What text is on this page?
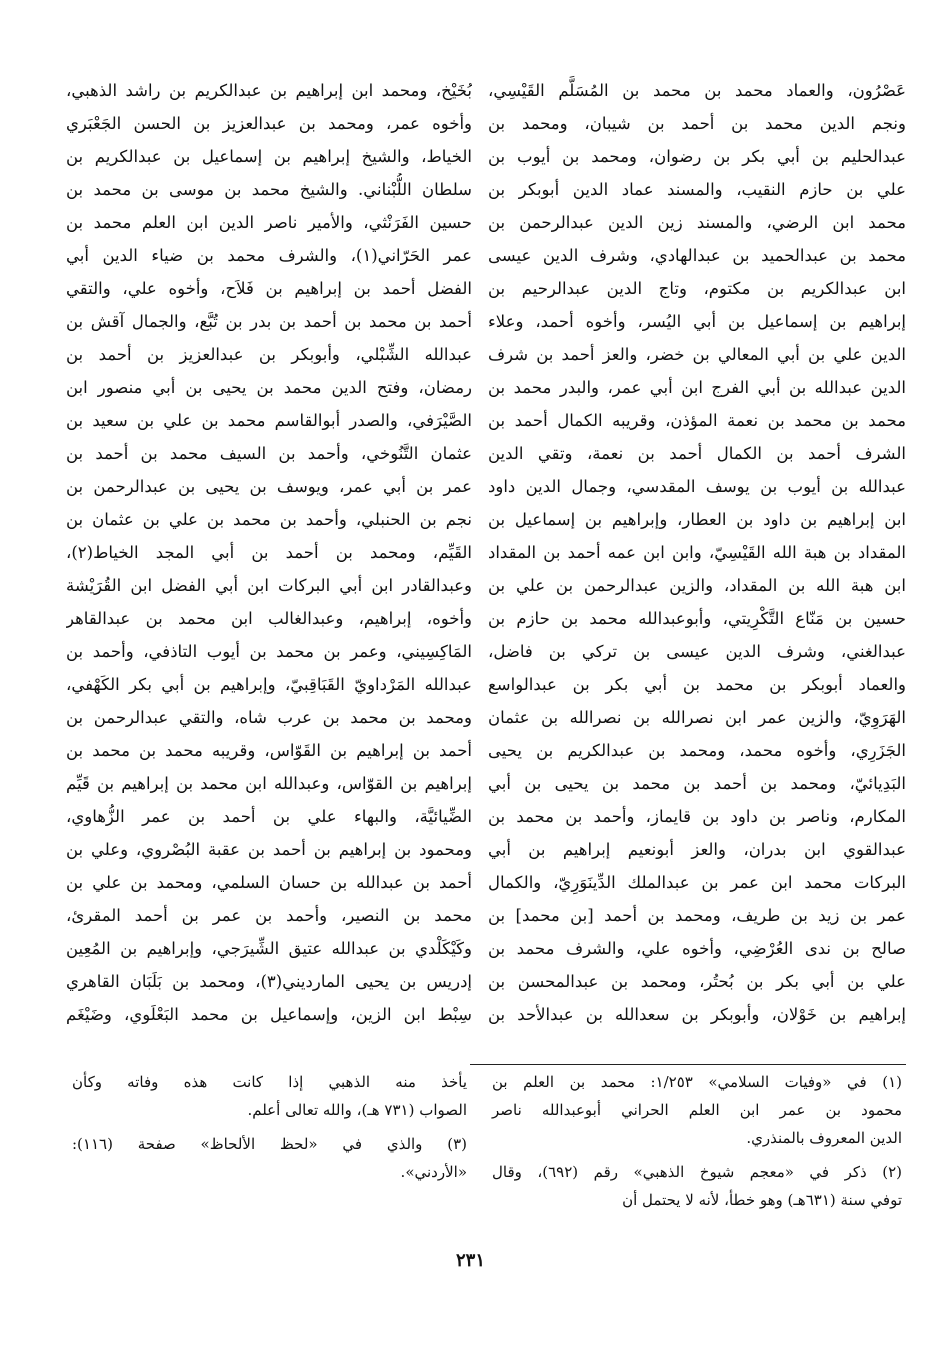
عَصْرُون، والعماد محمد بن محمد بن المُسَلَّم القَيْسِي،
ونجم الدين محمد بن أحمد بن شيبان، ومحمد بن
عبدالحليم بن أبي بكر بن رضوان، ومحمد بن أيوب بن
علي بن حازم النقيب، والمسند عماد الدين أبوبكر بن
محمد ابن الرضي، والمسند زين الدين عبدالرحمن بن
محمد بن عبدالحميد بن عبدالهادي، وشرف الدين عيسى
ابن عبدالكريم بن مكتوم، وتاج الدين عبدالرحيم بن
إبراهيم بن إسماعيل بن أبي اليُسر، وأخوه أحمد، وعلاء
الدين علي بن أبي المعالي بن خضر، والعز أحمد بن شرف
الدين عبدالله بن أبي الفرج ابن أبي عمر، والبدر محمد بن
محمد بن محمد بن نعمة المؤذن، وقريبه الكمال أحمد بن
الشرف أحمد بن الكمال أحمد بن نعمة، وتقي الدين
عبدالله بن أيوب بن يوسف المقدسي، وجمال الدين داود
ابن إبراهيم بن داود بن العطار، وإبراهيم بن إسماعيل بن
المقداد بن هبة الله القَيْسِيّ، وابن ابن عمه أحمد بن المقداد
ابن هبة الله بن المقداد، والزين عبدالرحمن بن علي بن
حسين بن مَنّاع التَّكْرِيتي، وأبوعبدالله محمد بن حازم بن
عبدالغني، وشرف الدين عيسى بن تركي بن فاضل،
والعماد أبوبكر بن محمد بن أبي بكر بن عبدالواسع
الهَرَوِيّ، والزين عمر ابن نصرالله بن نصرالله بن عثمان
الجَزَرِي، وأخوه محمد، ومحمد بن عبدالكريم بن يحيى
البَدِيائيّ، ومحمد بن أحمد بن محمد بن يحيى بن أبي
المكارم، وناصر بن داود بن قايماز، وأحمد بن محمد بن
عبدالقوي ابن بدران، والعز أبونعيم إبراهيم بن أبي
البركات محمد ابن عمر بن عبدالملك الدِّينَوَرِيّ، والكمال
عمر بن زيد بن طريف، ومحمد بن أحمد [بن محمد] بن
صالح بن ندى العُرْضِي، وأخوه علي، والشرف محمد بن
علي بن أبي بكر بن بُحتُر، ومحمد بن عبدالمحسن بن
إبراهيم بن خَوْلان، وأبوبكر بن سعدالله بن عبدالأحد بن
بُخَيْخ، ومحمد ابن إبراهيم بن عبدالكريم بن راشد الذهبي،
وأخوه عمر، ومحمد بن عبدالعزيز بن الحسن الجَعْبَري
الخياط، والشيخ إبراهيم بن إسماعيل بن عبدالكريم بن
سلطان اللُّبْناني. والشيخ محمد بن موسى بن محمد بن
حسين الفَرَنْثي، والأمير ناصر الدين ابن العلم محمد بن
عمر الحَرّاني(١)، والشرف محمد بن ضياء الدين أبي
الفضل أحمد بن إبراهيم بن فَلاَح، وأخوه علي، والتقي
أحمد بن محمد بن أحمد بن بدر بن تُبَّع، والجمال آقش بن
عبدالله الشِّبْلي، وأبوبكر بن عبدالعزيز بن أحمد بن
رمضان، وفتح الدين محمد بن يحيى بن أبي منصور ابن
الصَّيْرَفي، والصدر أبوالقاسم محمد بن علي بن سعيد بن
عثمان التَّنُوخي، وأحمد بن السيف محمد بن أحمد بن
عمر بن أبي عمر، ويوسف بن يحيى بن عبدالرحمن بن
نجم بن الحنبلي، وأحمد بن محمد بن علي بن عثمان بن
القَيِّم، ومحمد بن أحمد بن أبي المجد الخياط(٢)،
وعبدالقادر ابن أبي البركات ابن أبي الفضل ابن القُرَيْشة
وأخوه، إبراهيم، وعبدالغالب ابن محمد بن عبدالقاهر
المَاكِسِيني، وعمر بن محمد بن أيوب التاذفي، وأحمد بن
عبدالله المَرْداويّ القَبَاقِبيّ، وإبراهيم بن أبي بكر الكَهْفي،
ومحمد بن محمد بن عرب شاه، والتقي عبدالرحمن بن
أحمد بن إبراهيم بن القَوّاس، وقريبه محمد بن محمد بن
إبراهيم بن القوّاس، وعبدالله ابن محمد بن إبراهيم بن قَيِّم
الضِّيائيَّة، والبهاء علي بن أحمد بن عمر الزُّهاوي،
ومحمود بن إبراهيم بن أحمد بن عقبة البُصْروي، وعلي بن
أحمد بن عبدالله بن حسان السلمي، ومحمد بن علي بن
محمد بن النصير، وأحمد بن عمر بن أحمد المقرئ،
وكَيْكَلْدي بن عبدالله عتيق الشِّيرَجي، وإبراهيم بن المُعِين
إدريس بن يحيى المارديني(٣)، ومحمد بن بَلَبَان القاهري
سِبْط ابن الزين، وإسماعيل بن محمد البَعْلَوي، وضَيْغَم
(١) في «وفيات السلامي» ١/٢٥٣: محمد بن العلم بن
محمود بن عمر ابن العلم الحراني أبوعبدالله ناصر
الدين المعروف بالمنذري.
(٢) ذكر في «معجم شيوخ الذهبي» رقم (٦٩٢)، وقال
توفي سنة (٦٣١هـ) وهو خطأ، لأنه لا يحتمل أن
يأخذ منه الذهبي إذا كانت هذه وفاته وكأن
الصواب (٧٣١ هـ)، والله تعالى أعلم.
(٣) والذي في «لحظ الألحاظ» صفحة (١١٦):
«الأردني».
٢٣١
